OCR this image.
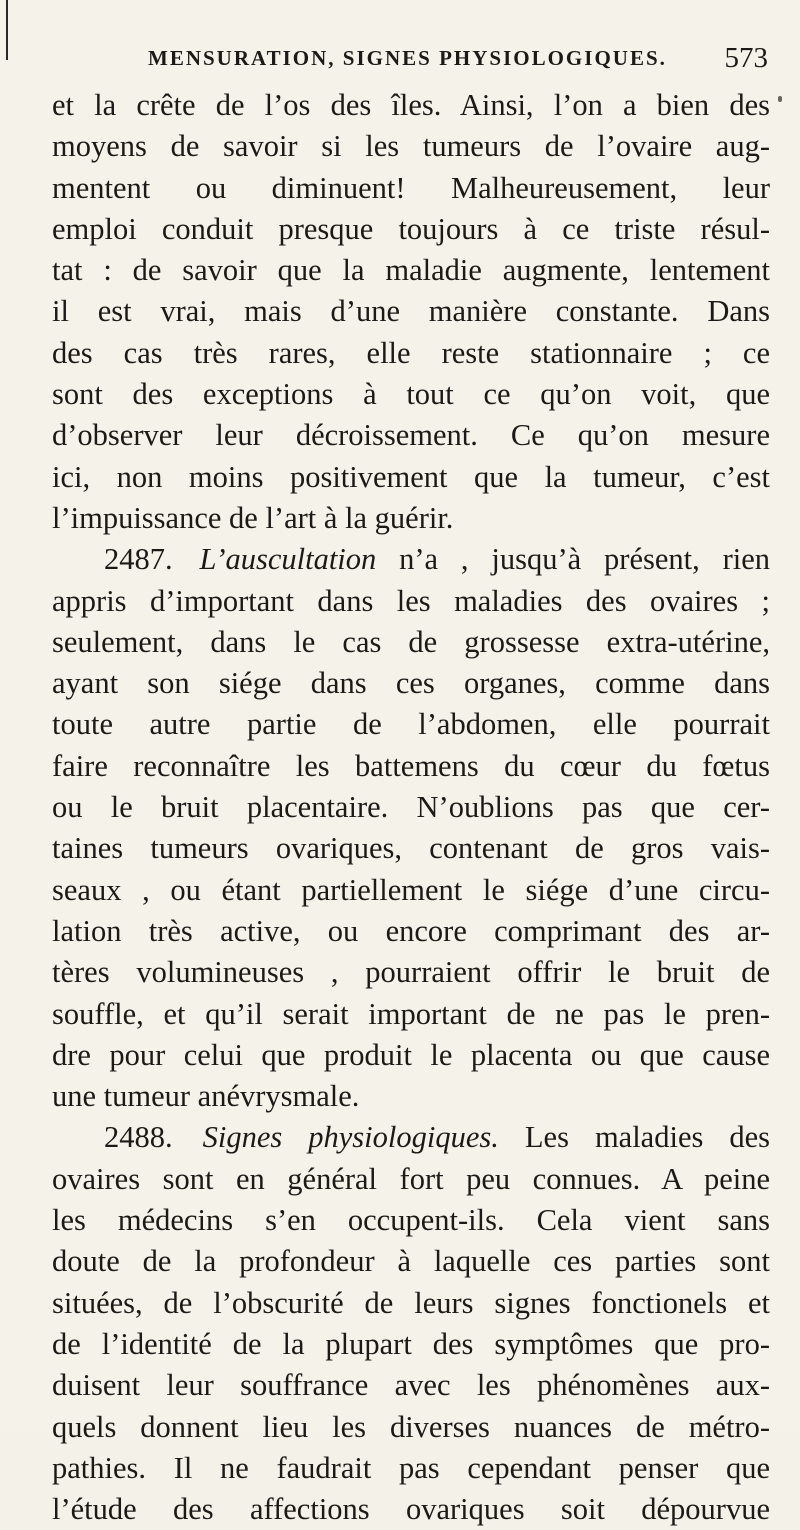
MENSURATION, SIGNES PHYSIOLOGIQUES. 573
et la crête de l’os des îles. Ainsi, l’on a bien des
moyens de savoir si les tumeurs de l’ovaire aug-
mentent ou diminuent! Malheureusement, leur
emploi conduit presque toujours à ce triste résul-
tat : de savoir que la maladie augmente, lentement
il est vrai, mais d’une manière constante. Dans
des cas très rares, elle reste stationnaire ; ce
sont des exceptions à tout ce qu’on voit, que
d’observer leur décroissement. Ce qu’on mesure
ici, non moins positivement que la tumeur, c’est
l’impuissance de l’art à la guérir.
2487. L’auscultation n’a , jusqu’à présent, rien
appris d’important dans les maladies des ovaires ;
seulement, dans le cas de grossesse extra-utérine,
ayant son siége dans ces organes, comme dans
toute autre partie de l’abdomen, elle pourrait
faire reconnaître les battemens du cœur du fœtus
ou le bruit placentaire. N’oublions pas que cer-
taines tumeurs ovariques, contenant de gros vais-
seaux , ou étant partiellement le siége d’une circu-
lation très active, ou encore comprimant des ar-
tères volumineuses , pourraient offrir le bruit de
souffle, et qu’il serait important de ne pas le pren-
dre pour celui que produit le placenta ou que cause
une tumeur anévrysmale.
2488. Signes physiologiques. Les maladies des
ovaires sont en général fort peu connues. A peine
les médecins s’en occupent-ils. Cela vient sans
doute de la profondeur à laquelle ces parties sont
situées, de l’obscurité de leurs signes fonctionels et
de l’identité de la plupart des symptômes que pro-
duisent leur souffrance avec les phénomènes aux-
quels donnent lieu les diverses nuances de métro-
pathies. Il ne faudrait pas cependant penser que
l’étude des affections ovariques soit dépourvue
